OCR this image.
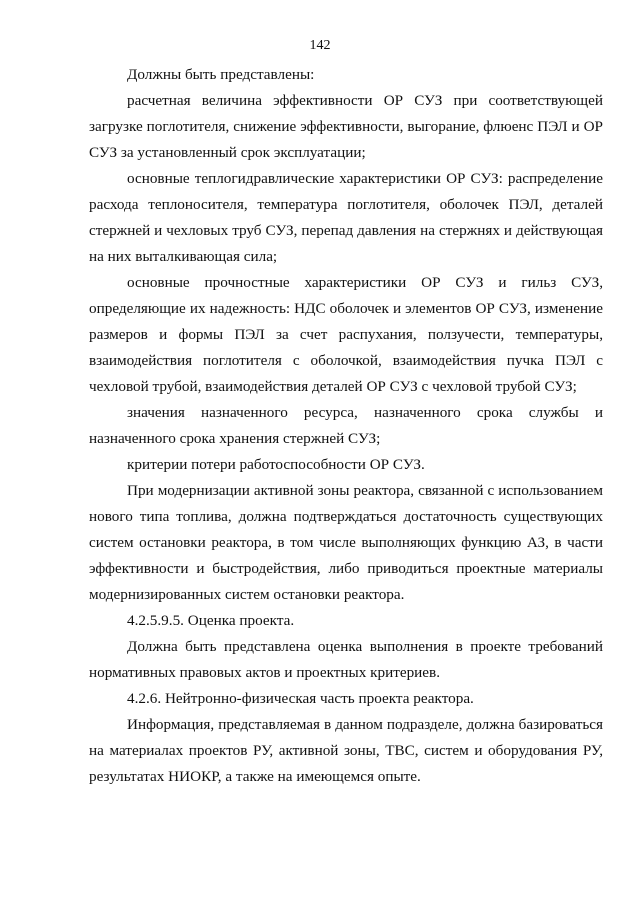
142

Должны быть представлены:

расчетная величина эффективности ОР СУЗ при соответствующей загрузке поглотителя, снижение эффективности, выгорание, флюенс ПЭЛ и ОР СУЗ за установленный срок эксплуатации;

основные теплогидравлические характеристики ОР СУЗ: распределение расхода теплоносителя, температура поглотителя, оболочек ПЭЛ, деталей стержней и чехловых труб СУЗ, перепад давления на стержнях и действующая на них выталкивающая сила;

основные прочностные характеристики ОР СУЗ и гильз СУЗ, определяющие их надежность: НДС оболочек и элементов ОР СУЗ, изменение размеров и формы ПЭЛ за счет распухания, ползучести, температуры, взаимодействия поглотителя с оболочкой, взаимодействия пучка ПЭЛ с чехловой трубой, взаимодействия деталей ОР СУЗ с чехловой трубой СУЗ;

значения назначенного ресурса, назначенного срока службы и назначенного срока хранения стержней СУЗ;

критерии потери работоспособности ОР СУЗ.

При модернизации активной зоны реактора, связанной с использованием нового типа топлива, должна подтверждаться достаточность существующих систем остановки реактора, в том числе выполняющих функцию АЗ, в части эффективности и быстродействия, либо приводиться проектные материалы модернизированных систем остановки реактора.

4.2.5.9.5. Оценка проекта.

Должна быть представлена оценка выполнения в проекте требований нормативных правовых актов и проектных критериев.

4.2.6. Нейтронно-физическая часть проекта реактора.

Информация, представляемая в данном подразделе, должна базироваться на материалах проектов РУ, активной зоны, ТВС, систем и оборудования РУ, результатах НИОКР, а также на имеющемся опыте.
